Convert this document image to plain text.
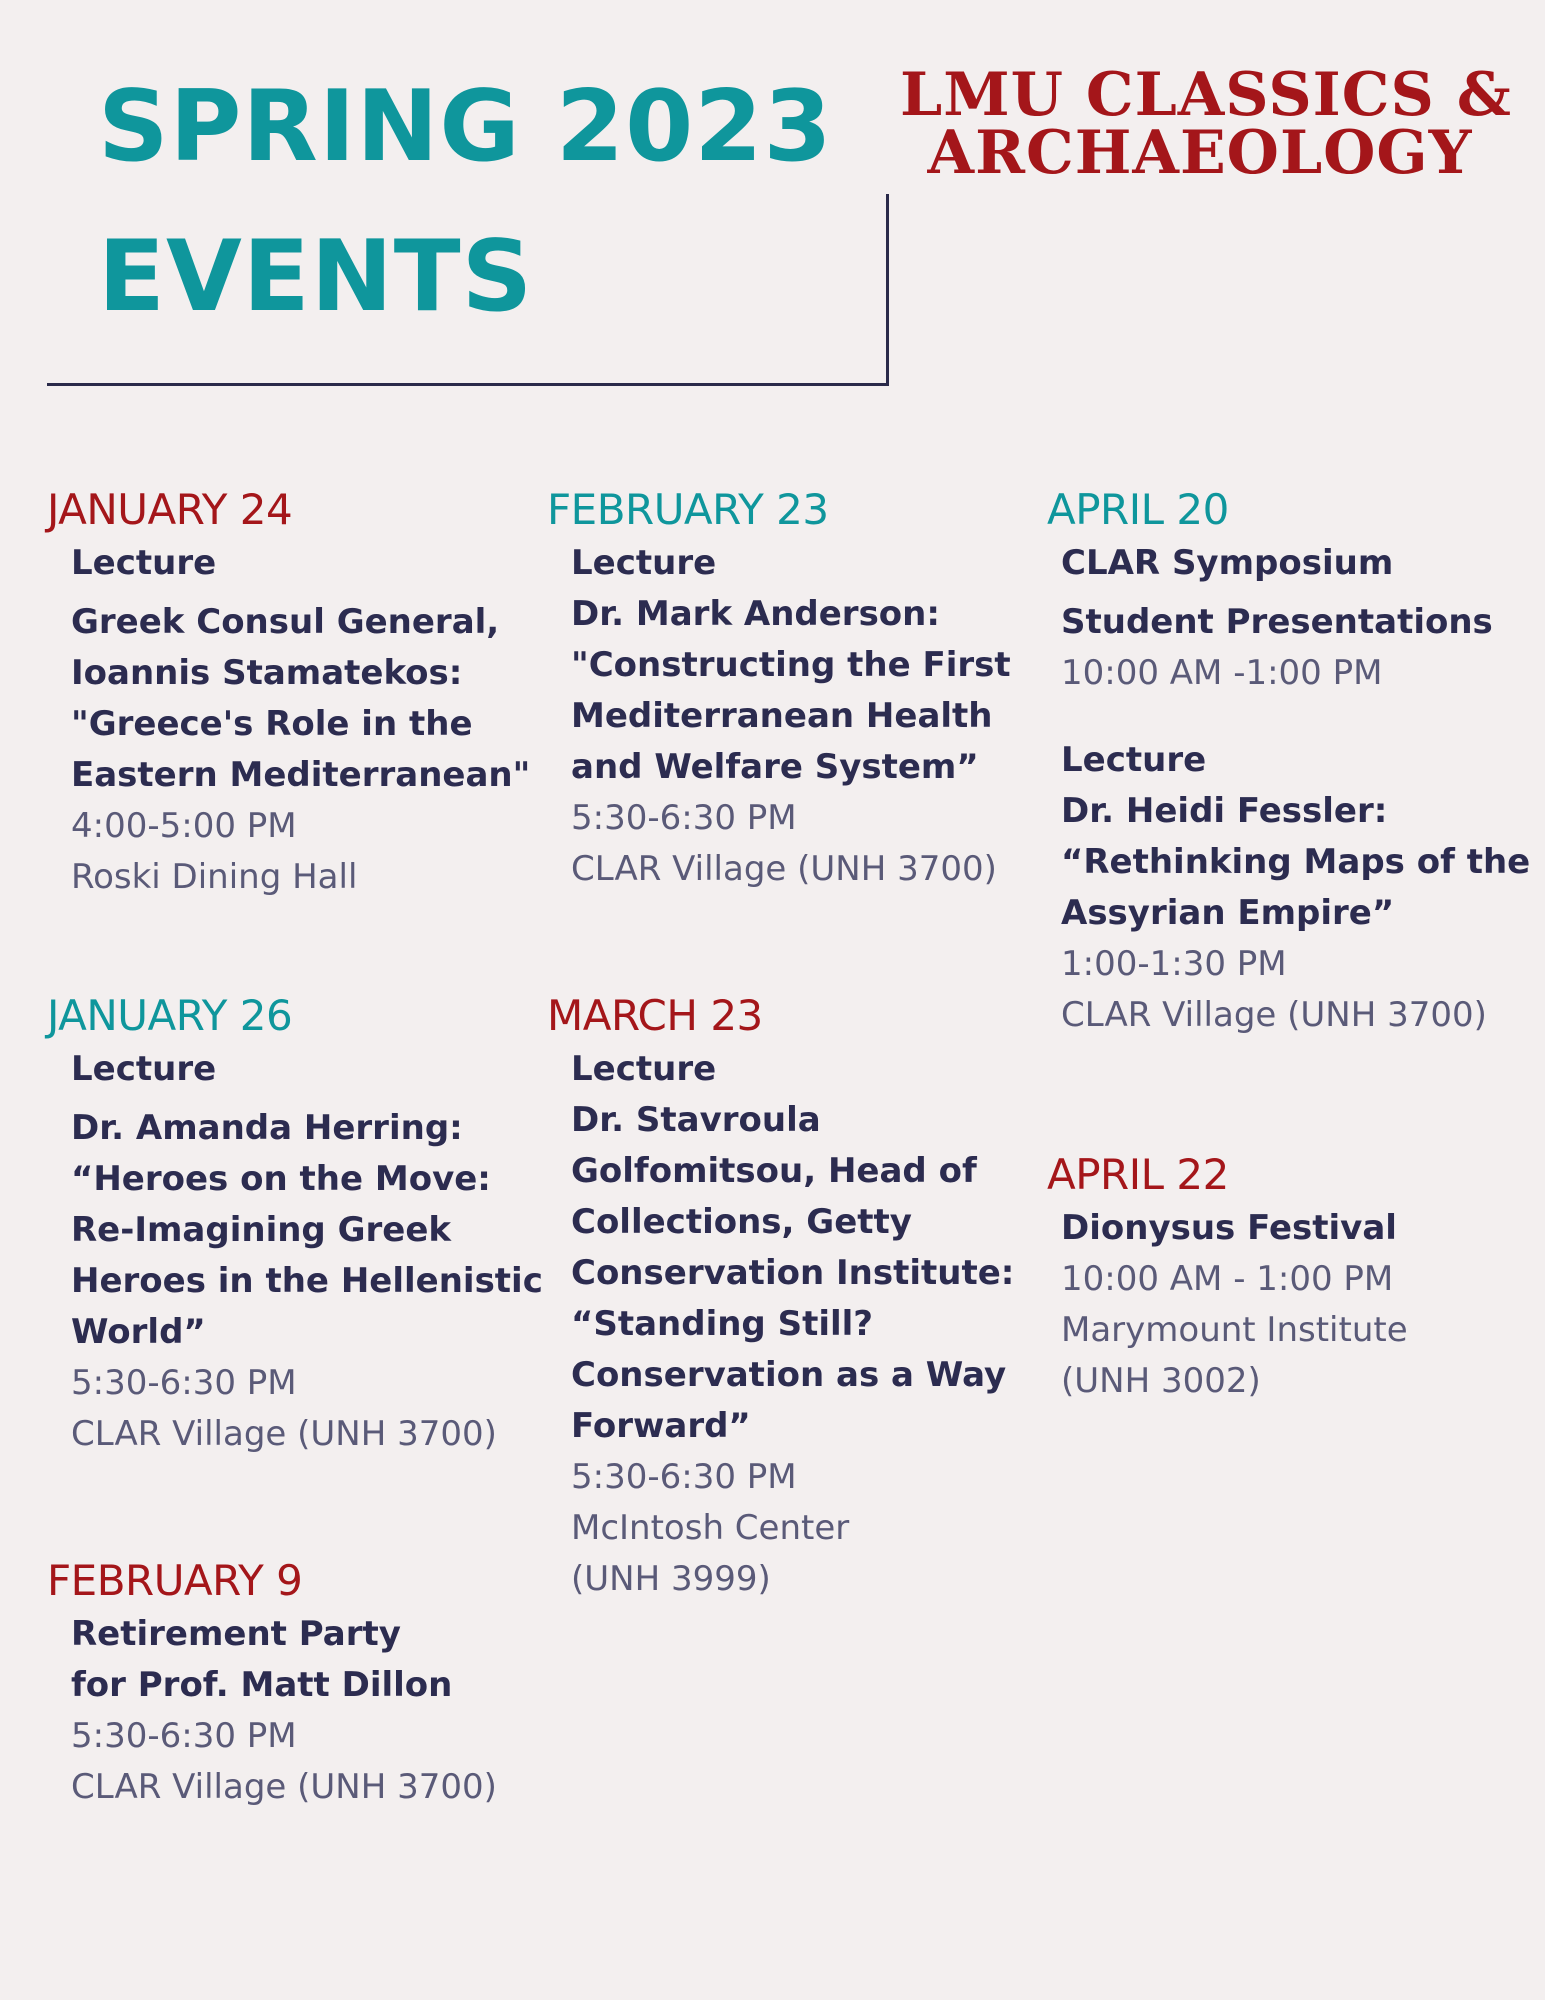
SPRING 2023
EVENTS
LMU CLASSICS &
ARCHAEOLOGY
JANUARY 24
Lecture
Greek Consul General,
Ioannis Stamatekos:
"Greece's Role in the
Eastern Mediterranean"
4:00-5:00 PM
Roski Dining Hall
JANUARY 26
Lecture
Dr. Amanda Herring:
“Heroes on the Move:
Re-Imagining Greek
Heroes in the Hellenistic
World”
5:30-6:30 PM
CLAR Village (UNH 3700)
FEBRUARY 9
Retirement Party
for Prof. Matt Dillon
5:30-6:30 PM
CLAR Village (UNH 3700)
FEBRUARY 23
Lecture
Dr. Mark Anderson:
"Constructing the First
Mediterranean Health
and Welfare System”
5:30-6:30 PM
CLAR Village (UNH 3700)
MARCH 23
Lecture
Dr. Stavroula
Golfomitsou, Head of
Collections, Getty
Conservation Institute:
“Standing Still?
Conservation as a Way
Forward”
5:30-6:30 PM
McIntosh Center
(UNH 3999)
APRIL 20
CLAR Symposium
Student Presentations
10:00 AM -1:00 PM
Lecture
Dr. Heidi Fessler:
“Rethinking Maps of the
Assyrian Empire”
1:00-1:30 PM
CLAR Village (UNH 3700)
APRIL 22
Dionysus Festival
10:00 AM - 1:00 PM
Marymount Institute
(UNH 3002)
